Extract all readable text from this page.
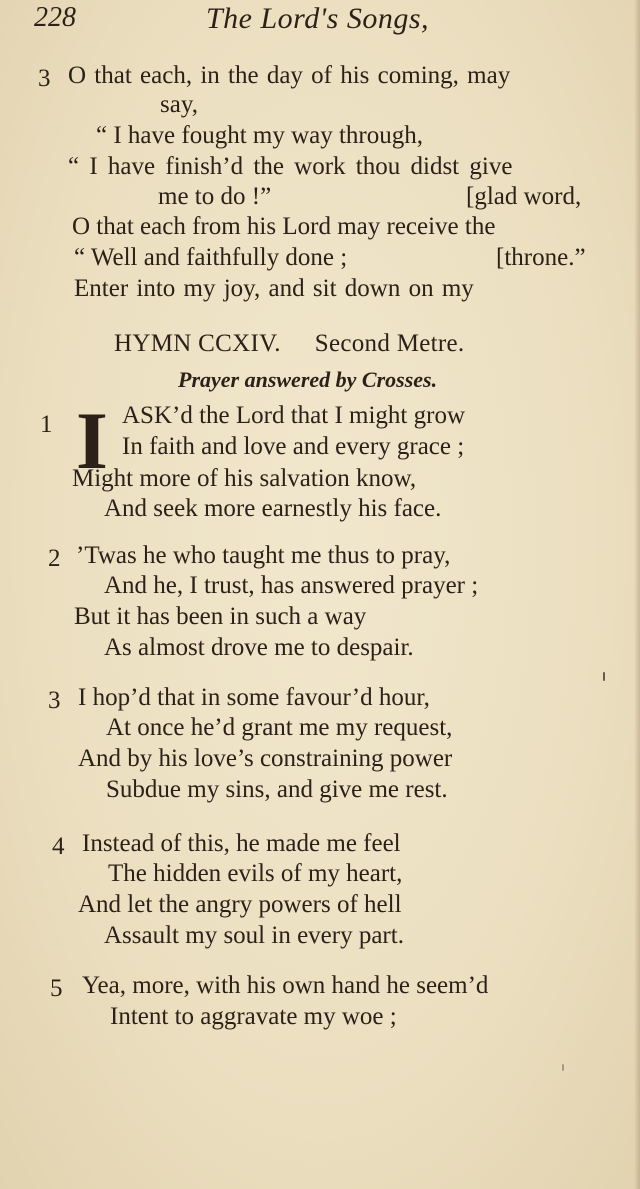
228	The Lord's Songs,
3 O that each, in the day of his coming, may
say,
“ I have fought my way through,
“ I have finish’d the work thou didst give
me to do !”	[glad word,
O that each from his Lord may receive the
“ Well and faithfully done ;	[throne.”
Enter into my joy, and sit down on my
HYMN CCXIV. Second Metre.
Prayer answered by Crosses.
1 I ASK’d the Lord that I might grow
In faith and love and every grace ;
Might more of his salvation know,
And seek more earnestly his face.
2 ’Twas he who taught me thus to pray,
And he, I trust, has answered prayer ;
But it has been in such a way
As almost drove me to despair.
3 I hop’d that in some favour’d hour,
At once he’d grant me my request,
And by his love’s constraining power
Subdue my sins, and give me rest.
4 Instead of this, he made me feel
The hidden evils of my heart,
And let the angry powers of hell
Assault my soul in every part.
5 Yea, more, with his own hand he seem’d
Intent to aggravate my woe ;
